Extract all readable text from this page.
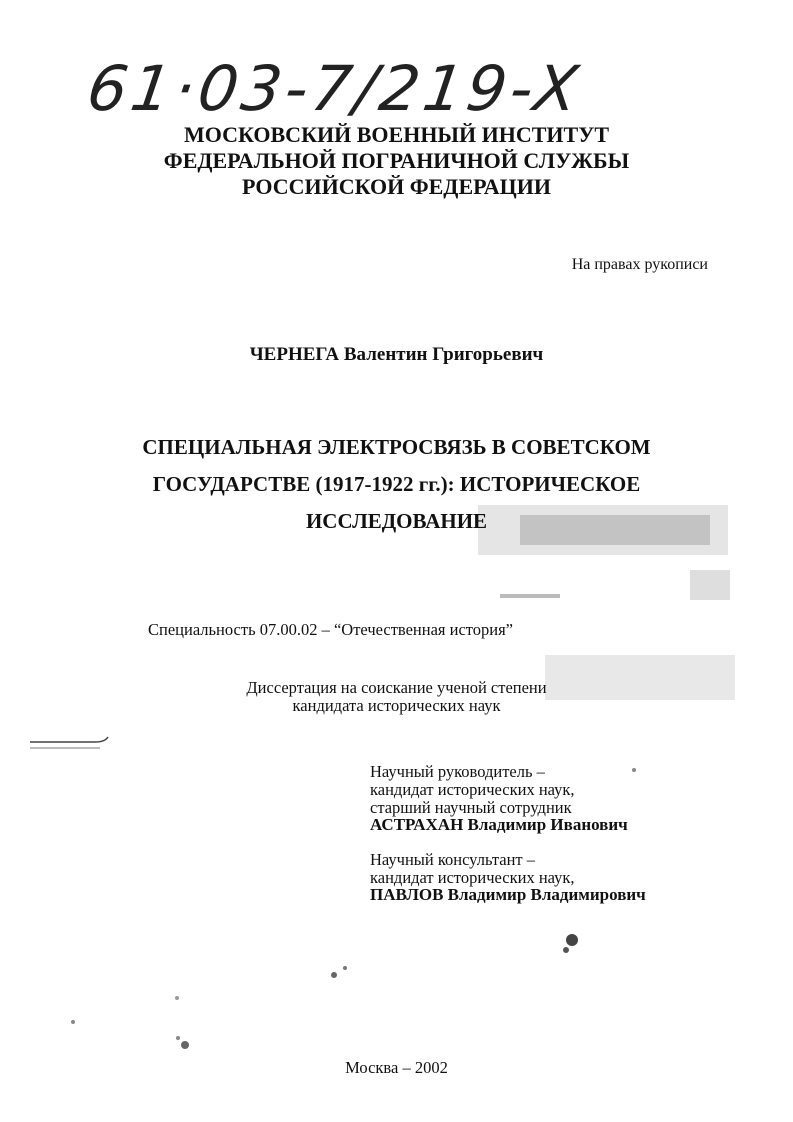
61·03-7/219-X
МОСКОВСКИЙ ВОЕННЫЙ ИНСТИТУТ
ФЕДЕРАЛЬНОЙ ПОГРАНИЧНОЙ СЛУЖБЫ
РОССИЙСКОЙ ФЕДЕРАЦИИ
На правах рукописи
ЧЕРНЕГА Валентин Григорьевич
СПЕЦИАЛЬНАЯ ЭЛЕКТРОСВЯЗЬ В СОВЕТСКОМ
ГОСУДАРСТВЕ (1917-1922 гг.): ИСТОРИЧЕСКОЕ
ИССЛЕДОВАНИЕ
Специальность 07.00.02 – “Отечественная история”
Диссертация на соискание ученой степени
кандидата исторических наук
Научный руководитель –
кандидат исторических наук,
старший научный сотрудник
АСТРАХАН Владимир Иванович
Научный консультант –
кандидат исторических наук,
ПАВЛОВ Владимир Владимирович
Москва – 2002
